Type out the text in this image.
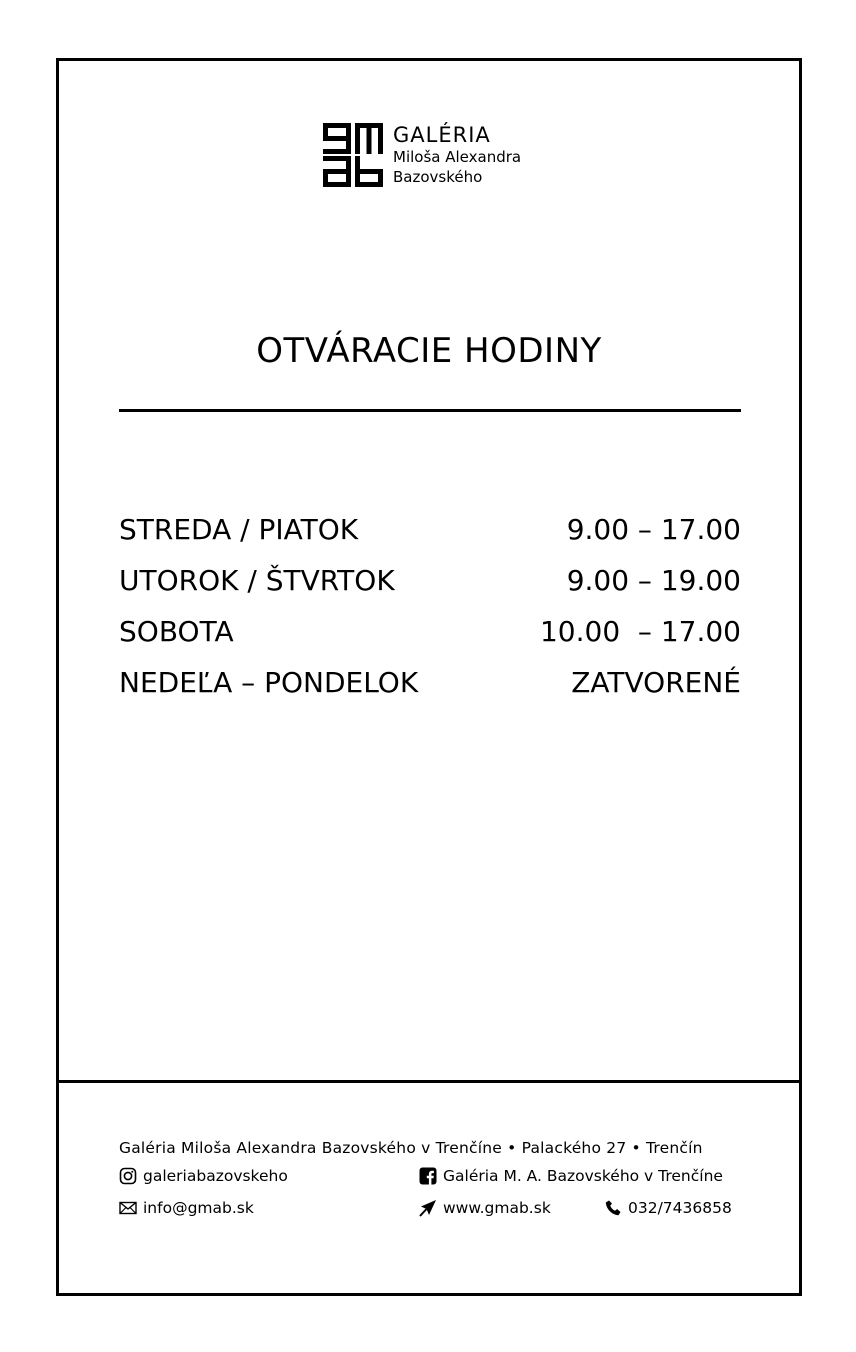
GALÉRIA
Miloša Alexandra
Bazovského
OTVÁRACIE HODINY
STREDA / PIATOK	9.00 – 17.00
UTOROK / ŠTVRTOK	9.00 – 19.00
SOBOTA	10.00  – 17.00
NEDEĽA – PONDELOK	ZATVORENÉ
Galéria Miloša Alexandra Bazovského v Trenčíne • Palackého 27 • Trenčín
galeriabazovskeho	Galéria M. A. Bazovského v Trenčíne
info@gmab.sk	www.gmab.sk	032/7436858
